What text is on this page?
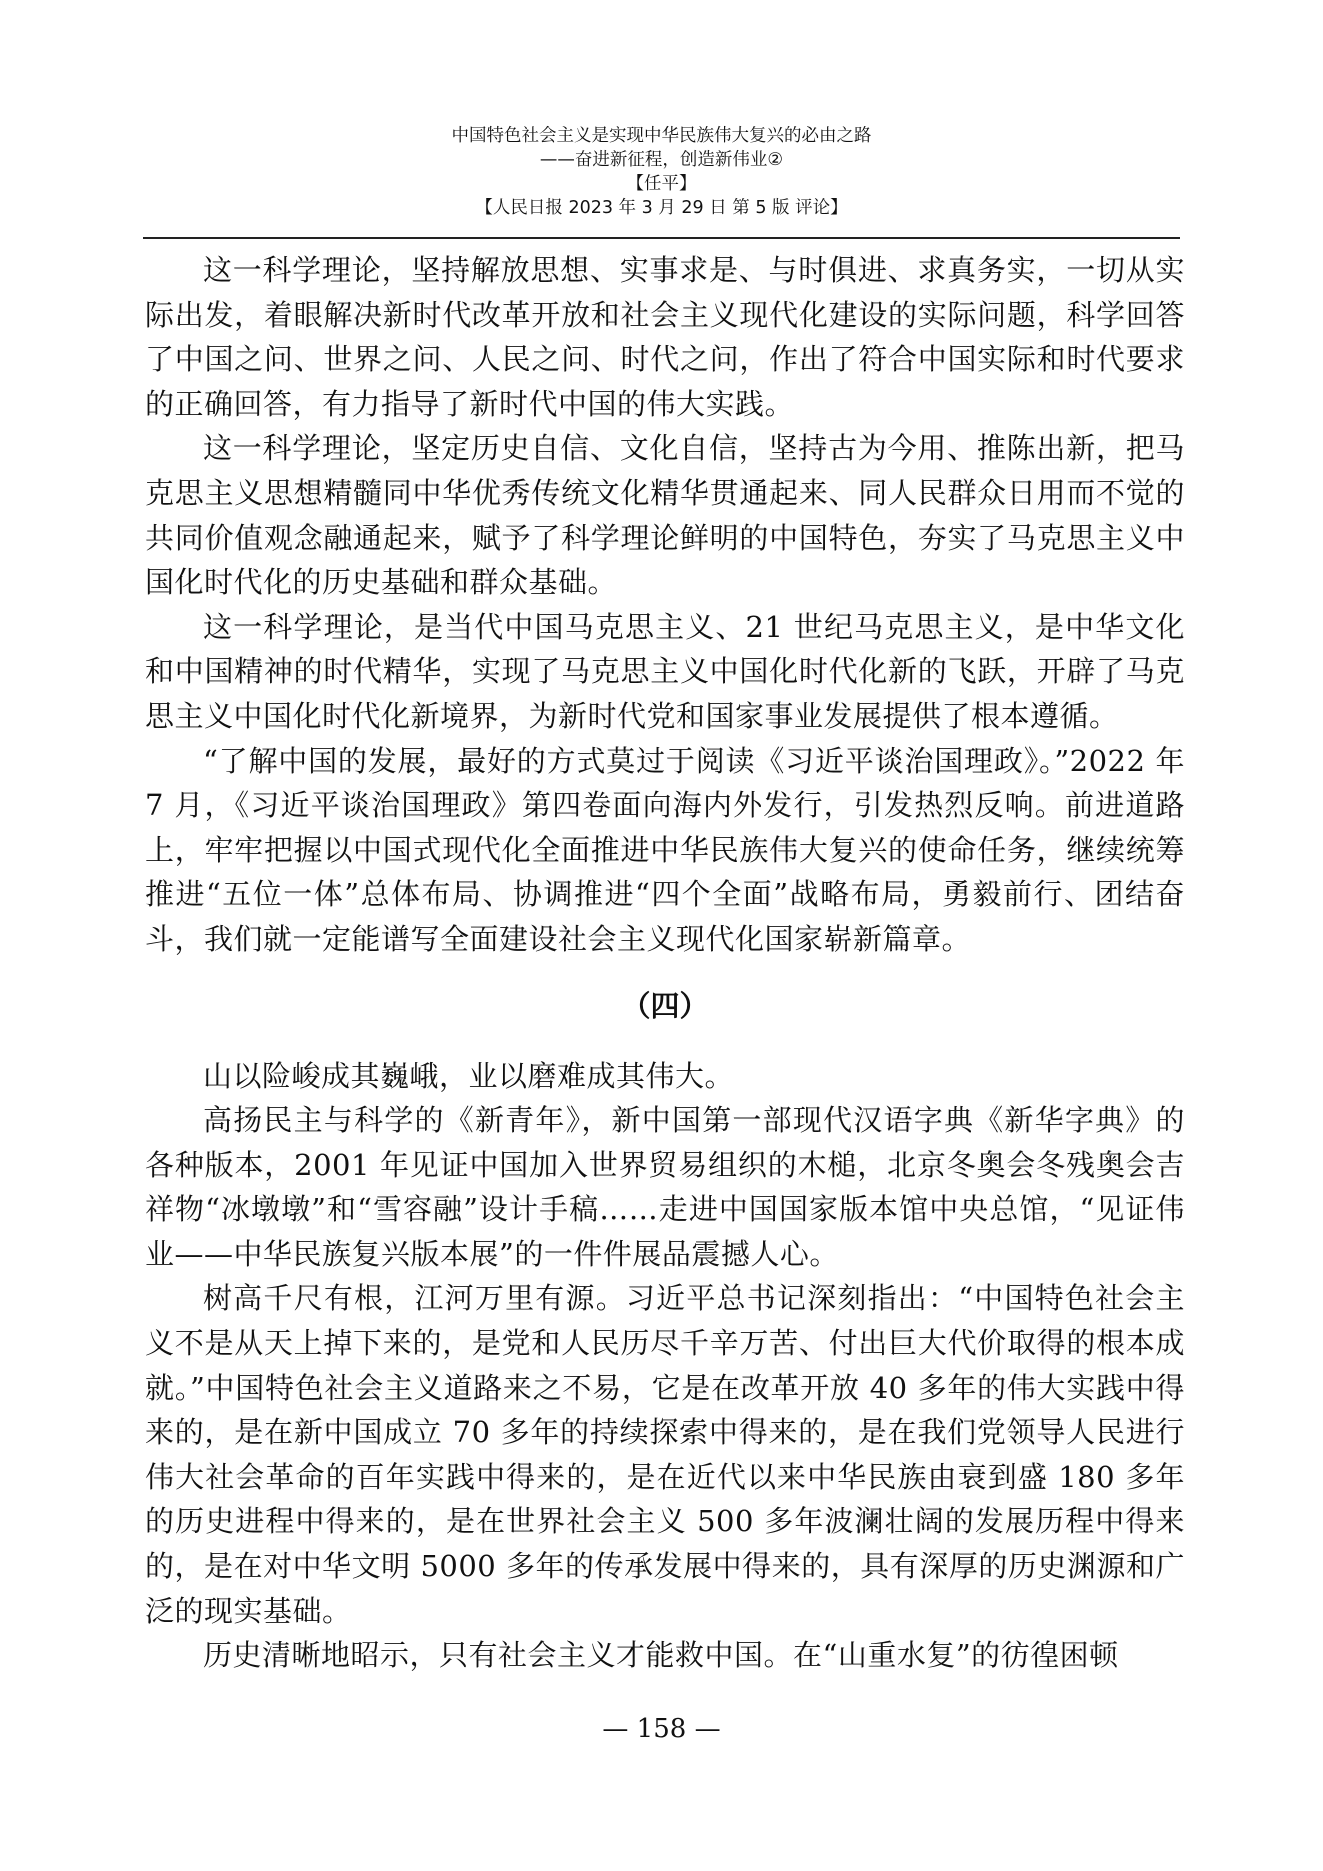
中国特色社会主义是实现中华民族伟大复兴的必由之路
——奋进新征程，创造新伟业②
【任平】
【人民日报 2023 年 3 月 29 日 第 5 版 评论】

这一科学理论，坚持解放思想、实事求是、与时俱进、求真务实，一切从实际出发，着眼解决新时代改革开放和社会主义现代化建设的实际问题，科学回答了中国之问、世界之问、人民之问、时代之问，作出了符合中国实际和时代要求的正确回答，有力指导了新时代中国的伟大实践。

这一科学理论，坚定历史自信、文化自信，坚持古为今用、推陈出新，把马克思主义思想精髓同中华优秀传统文化精华贯通起来、同人民群众日用而不觉的共同价值观念融通起来，赋予了科学理论鲜明的中国特色，夯实了马克思主义中国化时代化的历史基础和群众基础。

这一科学理论，是当代中国马克思主义、21 世纪马克思主义，是中华文化和中国精神的时代精华，实现了马克思主义中国化时代化新的飞跃，开辟了马克思主义中国化时代化新境界，为新时代党和国家事业发展提供了根本遵循。

“了解中国的发展，最好的方式莫过于阅读《习近平谈治国理政》。”2022 年 7 月，《习近平谈治国理政》第四卷面向海内外发行，引发热烈反响。前进道路上，牢牢把握以中国式现代化全面推进中华民族伟大复兴的使命任务，继续统筹推进“五位一体”总体布局、协调推进“四个全面”战略布局，勇毅前行、团结奋斗，我们就一定能谱写全面建设社会主义现代化国家崭新篇章。

（四）

山以险峻成其巍峨，业以磨难成其伟大。

高扬民主与科学的《新青年》，新中国第一部现代汉语字典《新华字典》的各种版本，2001 年见证中国加入世界贸易组织的木槌，北京冬奥会冬残奥会吉祥物“冰墩墩”和“雪容融”设计手稿……走进中国国家版本馆中央总馆，“见证伟业——中华民族复兴版本展”的一件件展品震撼人心。

树高千尺有根，江河万里有源。习近平总书记深刻指出：“中国特色社会主义不是从天上掉下来的，是党和人民历尽千辛万苦、付出巨大代价取得的根本成就。”中国特色社会主义道路来之不易，它是在改革开放 40 多年的伟大实践中得来的，是在新中国成立 70 多年的持续探索中得来的，是在我们党领导人民进行伟大社会革命的百年实践中得来的，是在近代以来中华民族由衰到盛 180 多年的历史进程中得来的，是在世界社会主义 500 多年波澜壮阔的发展历程中得来的，是在对中华文明 5000 多年的传承发展中得来的，具有深厚的历史渊源和广泛的现实基础。

历史清晰地昭示，只有社会主义才能救中国。在“山重水复”的彷徨困顿

— 158 —
